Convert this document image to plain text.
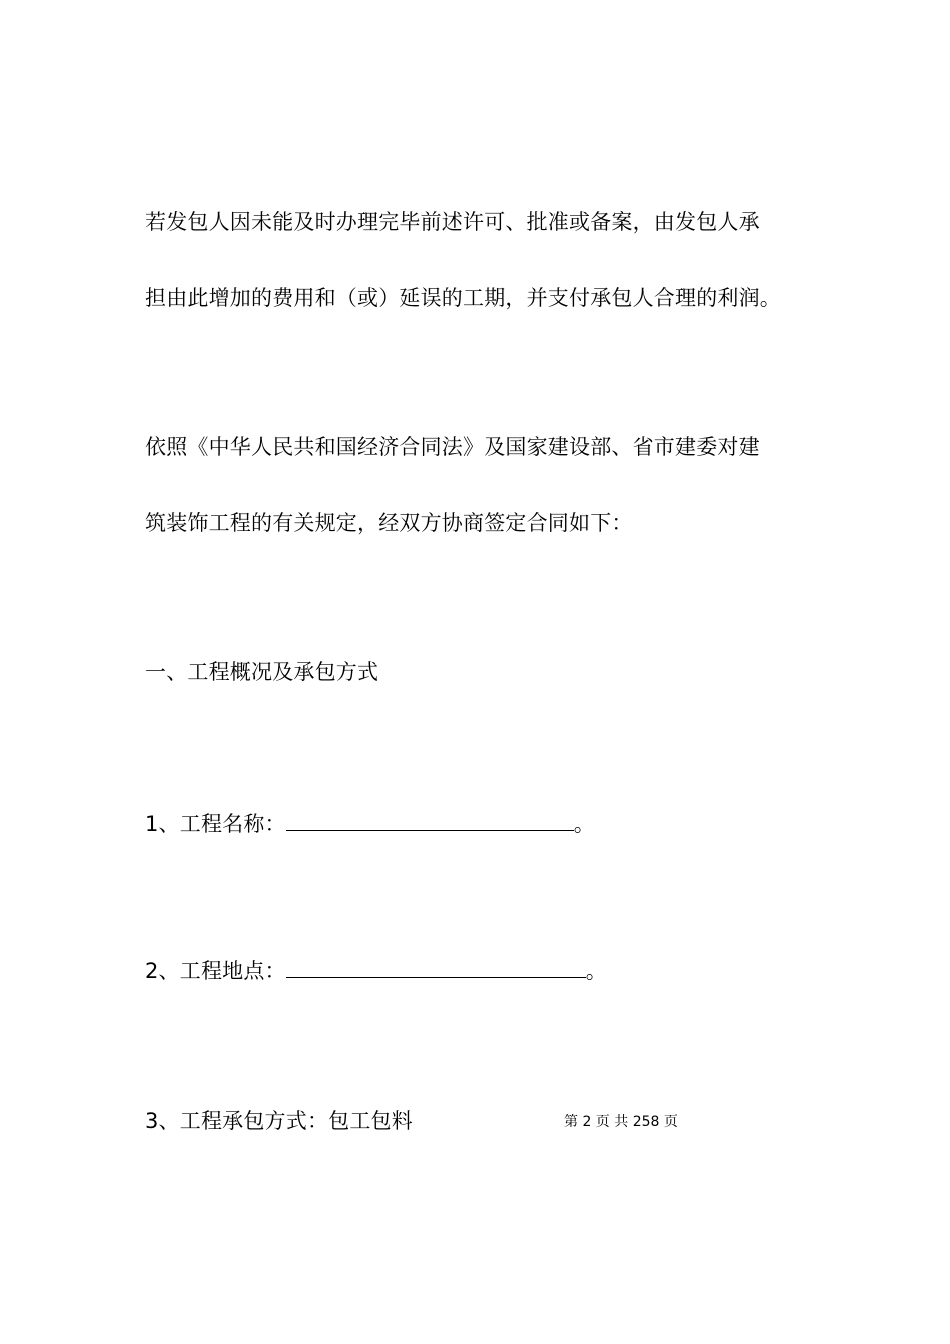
若发包人因未能及时办理完毕前述许可、批准或备案，由发包人承
担由此增加的费用和（或）延误的工期，并支付承包人合理的利润。
依照《中华人民共和国经济合同法》及国家建设部、省市建委对建
筑装饰工程的有关规定，经双方协商签定合同如下：
一、工程概况及承包方式
1、工程名称：	。
2、工程地点：	。
3、工程承包方式：包工包料	第 2 页 共 258 页
